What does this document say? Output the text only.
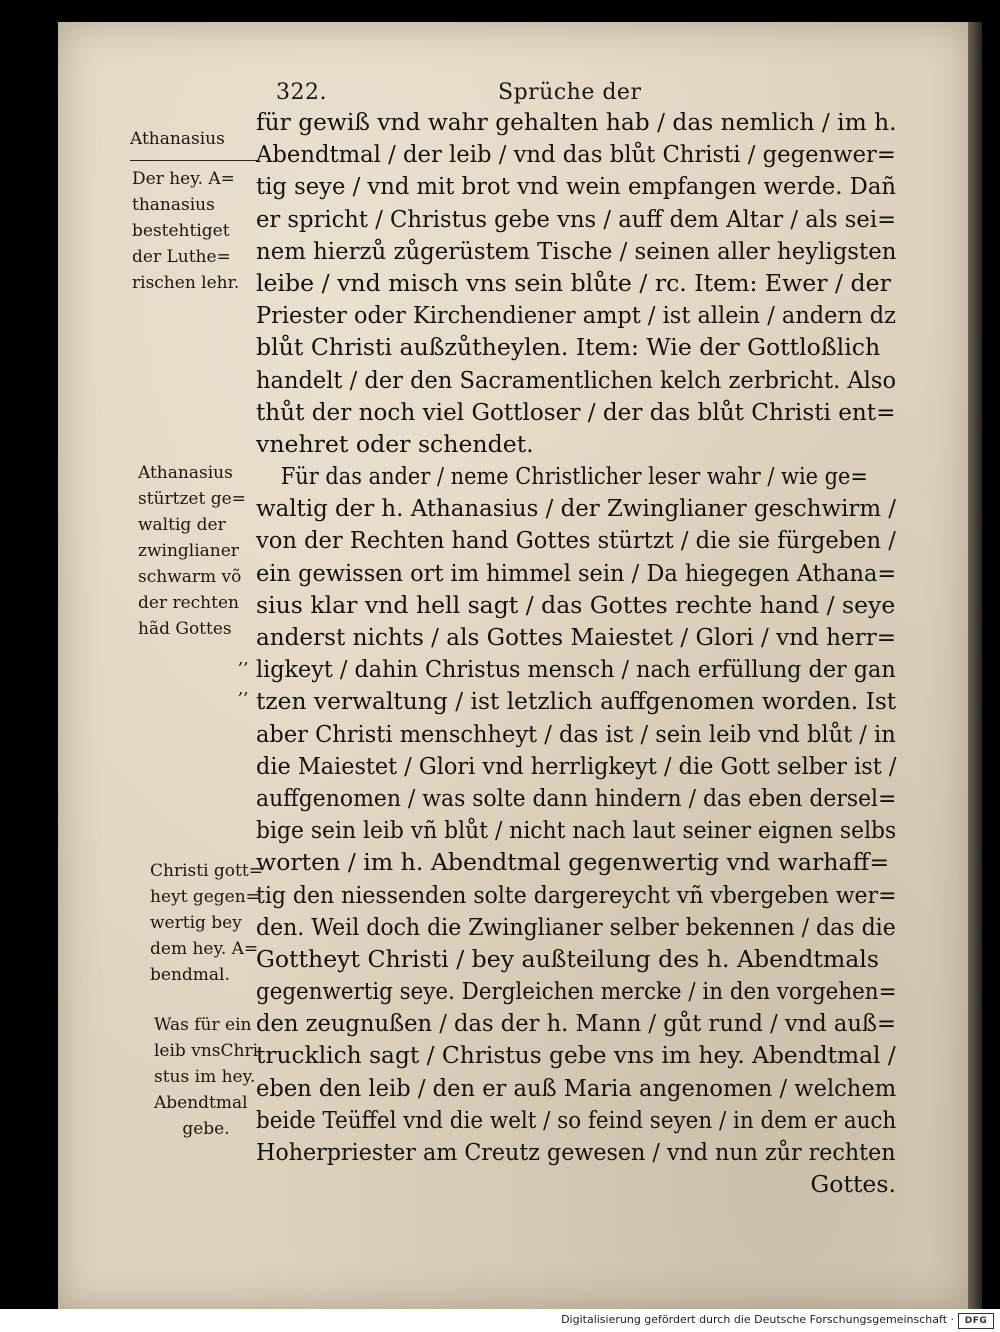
322.	Sprüche der
Athanasius
Der hey. A=
thanasius
bestehtiget
der Luthe=
rischen lehr.
Athanasius
stürtzet ge=
waltig der
zwinglianer
schwarm võ
der rechten
hãd Gottes
,,
,,
Christi gott=
heyt gegen=
wertig bey
dem hey. A=
bendmal.
Was für ein
leib vnsChri
stus im hey.
Abendtmal
gebe.
für gewiß vnd wahr gehalten hab / das nemlich / im h.
Abendtmal / der leib / vnd das blůt Christi / gegenwer=
tig seye / vnd mit brot vnd wein empfangen werde. Dañ
er spricht / Christus gebe vns / auff dem Altar / als sei=
nem hierzů zůgerüstem Tische / seinen aller heyligsten
leibe / vnd misch vns sein blůte / rc. Item: Ewer / der
Priester oder Kirchendiener ampt / ist allein / andern dz
blůt Christi außzůtheylen. Item: Wie der Gottloßlich
handelt / der den Sacramentlichen kelch zerbricht. Also
thůt der noch viel Gottloser / der das blůt Christi ent=
vnehret oder schendet.
Für das ander / neme Christlicher leser wahr / wie ge=
waltig der h. Athanasius / der Zwinglianer geschwirm /
von der Rechten hand Gottes stürtzt / die sie fürgeben /
ein gewissen ort im himmel sein / Da hiegegen Athana=
sius klar vnd hell sagt / das Gottes rechte hand / seye
anderst nichts / als Gottes Maiestet / Glori / vnd herr=
ligkeyt / dahin Christus mensch / nach erfüllung der gan
tzen verwaltung / ist letzlich auffgenomen worden. Ist
aber Christi menschheyt / das ist / sein leib vnd blůt / in
die Maiestet / Glori vnd herrligkeyt / die Gott selber ist /
auffgenomen / was solte dann hindern / das eben dersel=
bige sein leib vñ blůt / nicht nach laut seiner eignen selbs
worten / im h. Abendtmal gegenwertig vnd warhaff=
tig den niessenden solte dargereycht vñ vbergeben wer=
den. Weil doch die Zwinglianer selber bekennen / das die
Gottheyt Christi / bey außteilung des h. Abendtmals
gegenwertig seye. Dergleichen mercke / in den vorgehen=
den zeugnußen / das der h. Mann / gůt rund / vnd auß=
trucklich sagt / Christus gebe vns im hey. Abendtmal /
eben den leib / den er auß Maria angenomen / welchem
beide Teüffel vnd die welt / so feind seyen / in dem er auch
Hoherpriester am Creutz gewesen / vnd nun zůr rechten
Gottes.
Digitalisierung gefördert durch die Deutsche Forschungsgemeinschaft ·	DFG
